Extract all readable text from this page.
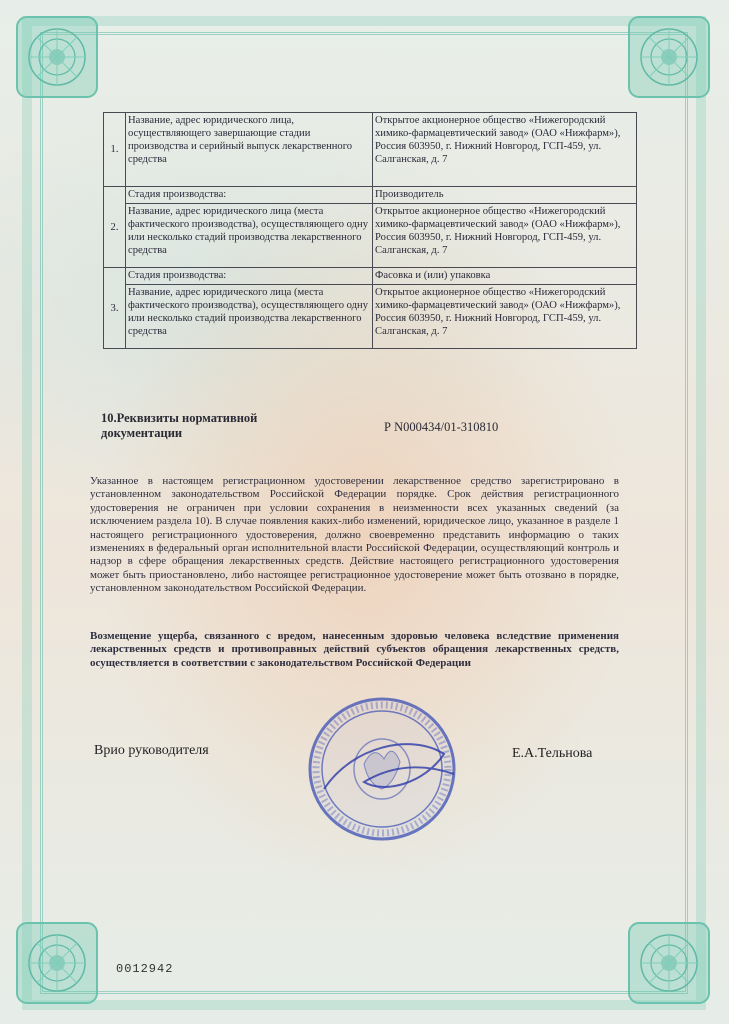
1.	Название, адрес юридического лица, осуществляющего завершающие стадии производства и серийный выпуск лекарственного средства	Открытое акционерное общество «Нижегородский химико-фармацевтический завод» (ОАО «Нижфарм»), Россия 603950, г. Нижний Новгород, ГСП-459, ул. Салганская, д. 7
2.	Стадия производства:	Производитель
	Название, адрес юридического лица (места фактического производства), осуществляющего одну или несколько стадий производства лекарственного средства	Открытое акционерное общество «Нижегородский химико-фармацевтический завод» (ОАО «Нижфарм»), Россия 603950, г. Нижний Новгород, ГСП-459, ул. Салганская, д. 7
3.	Стадия производства:	Фасовка и (или) упаковка
	Название, адрес юридического лица (места фактического производства), осуществляющего одну или несколько стадий производства лекарственного средства	Открытое акционерное общество «Нижегородский химико-фармацевтический завод» (ОАО «Нижфарм»), Россия 603950, г. Нижний Новгород, ГСП-459, ул. Салганская, д. 7
10.Реквизиты нормативной документации	Р N000434/01-310810

Указанное в настоящем регистрационном удостоверении лекарственное средство зарегистрировано в установленном законодательством Российской Федерации порядке. Срок действия регистрационного удостоверения не ограничен при условии сохранения в неизменности всех указанных сведений (за исключением раздела 10). В случае появления каких-либо изменений, юридическое лицо, указанное в разделе 1 настоящего регистрационного удостоверения, должно своевременно представить информацию о таких изменениях в федеральный орган исполнительной власти Российской Федерации, осуществляющий контроль и надзор в сфере обращения лекарственных средств. Действие настоящего регистрационного удостоверения может быть приостановлено, либо настоящее регистрационное удостоверение может быть отозвано в порядке, установленном законодательством Российской Федерации.

Возмещение ущерба, связанного с вредом, нанесенным здоровью человека вследствие применения лекарственных средств и противоправных действий субъектов обращения лекарственных средств, осуществляется в соответствии с законодательством Российской Федерации

Врио руководителя	Е.А.Тельнова
0012942
